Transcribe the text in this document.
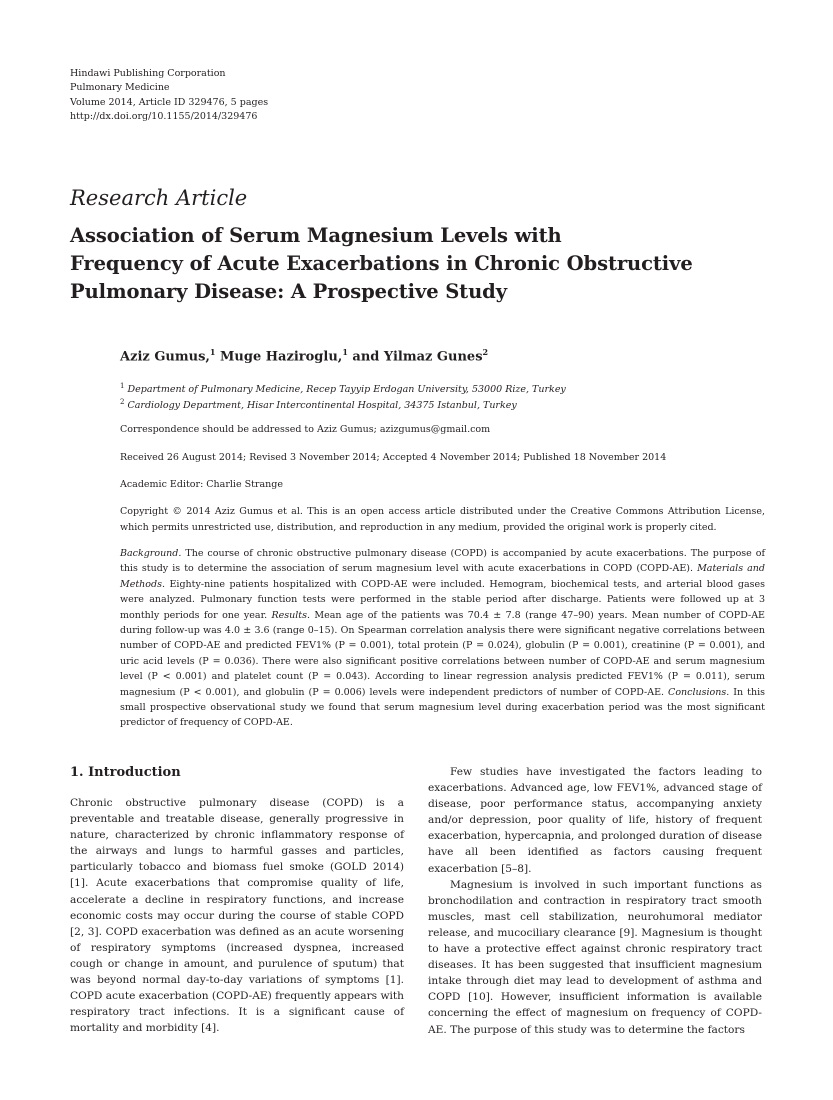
Hindawi Publishing Corporation
Pulmonary Medicine
Volume 2014, Article ID 329476, 5 pages
http://dx.doi.org/10.1155/2014/329476
Research Article
Association of Serum Magnesium Levels with
Frequency of Acute Exacerbations in Chronic Obstructive
Pulmonary Disease: A Prospective Study
Aziz Gumus,$^1$ Muge Haziroglu,$^1$ and Yilmaz Gunes$^2$
$^1$ Department of Pulmonary Medicine, Recep Tayyip Erdogan University, 53000 Rize, Turkey
$^2$ Cardiology Department, Hisar Intercontinental Hospital, 34375 Istanbul, Turkey
Correspondence should be addressed to Aziz Gumus; azizgumus@gmail.com
Received 26 August 2014; Revised 3 November 2014; Accepted 4 November 2014; Published 18 November 2014
Academic Editor: Charlie Strange
Copyright © 2014 Aziz Gumus et al. This is an open access article distributed under the Creative Commons Attribution License, which permits unrestricted use, distribution, and reproduction in any medium, provided the original work is properly cited.
Background. The course of chronic obstructive pulmonary disease (COPD) is accompanied by acute exacerbations. The purpose of this study is to determine the association of serum magnesium level with acute exacerbations in COPD (COPD-AE). Materials and Methods. Eighty-nine patients hospitalized with COPD-AE were included. Hemogram, biochemical tests, and arterial blood gases were analyzed. Pulmonary function tests were performed in the stable period after discharge. Patients were followed up at 3 monthly periods for one year. Results. Mean age of the patients was 70.4 ± 7.8 (range 47–90) years. Mean number of COPD-AE during follow-up was 4.0 ± 3.6 (range 0–15). On Spearman correlation analysis there were significant negative correlations between number of COPD-AE and predicted FEV1% (P = 0.001), total protein (P = 0.024), globulin (P = 0.001), creatinine (P = 0.001), and uric acid levels (P = 0.036). There were also significant positive correlations between number of COPD-AE and serum magnesium level (P < 0.001) and platelet count (P = 0.043). According to linear regression analysis predicted FEV1% (P = 0.011), serum magnesium (P < 0.001), and globulin (P = 0.006) levels were independent predictors of number of COPD-AE. Conclusions. In this small prospective observational study we found that serum magnesium level during exacerbation period was the most significant predictor of frequency of COPD-AE.
1. Introduction

Chronic obstructive pulmonary disease (COPD) is a preventable and treatable disease, generally progressive in nature, characterized by chronic inflammatory response of the airways and lungs to harmful gasses and particles, particularly tobacco and biomass fuel smoke (GOLD 2014) [1]. Acute exacerbations that compromise quality of life, accelerate a decline in respiratory functions, and increase economic costs may occur during the course of stable COPD [2, 3]. COPD exacerbation was defined as an acute worsening of respiratory symptoms (increased dyspnea, increased cough or change in amount, and purulence of sputum) that was beyond normal day-to-day variations of symptoms [1]. COPD acute exacerbation (COPD-AE) frequently appears with respiratory tract infections. It is a significant cause of mortality and morbidity [4].

Few studies have investigated the factors leading to exacerbations. Advanced age, low FEV1%, advanced stage of disease, poor performance status, accompanying anxiety and/or depression, poor quality of life, history of frequent exacerbation, hypercapnia, and prolonged duration of disease have all been identified as factors causing frequent exacerbation [5–8].

Magnesium is involved in such important functions as bronchodilation and contraction in respiratory tract smooth muscles, mast cell stabilization, neurohumoral mediator release, and mucociliary clearance [9]. Magnesium is thought to have a protective effect against chronic respiratory tract diseases. It has been suggested that insufficient magnesium intake through diet may lead to development of asthma and COPD [10]. However, insufficient information is available concerning the effect of magnesium on frequency of COPD-AE. The purpose of this study was to determine the factors
